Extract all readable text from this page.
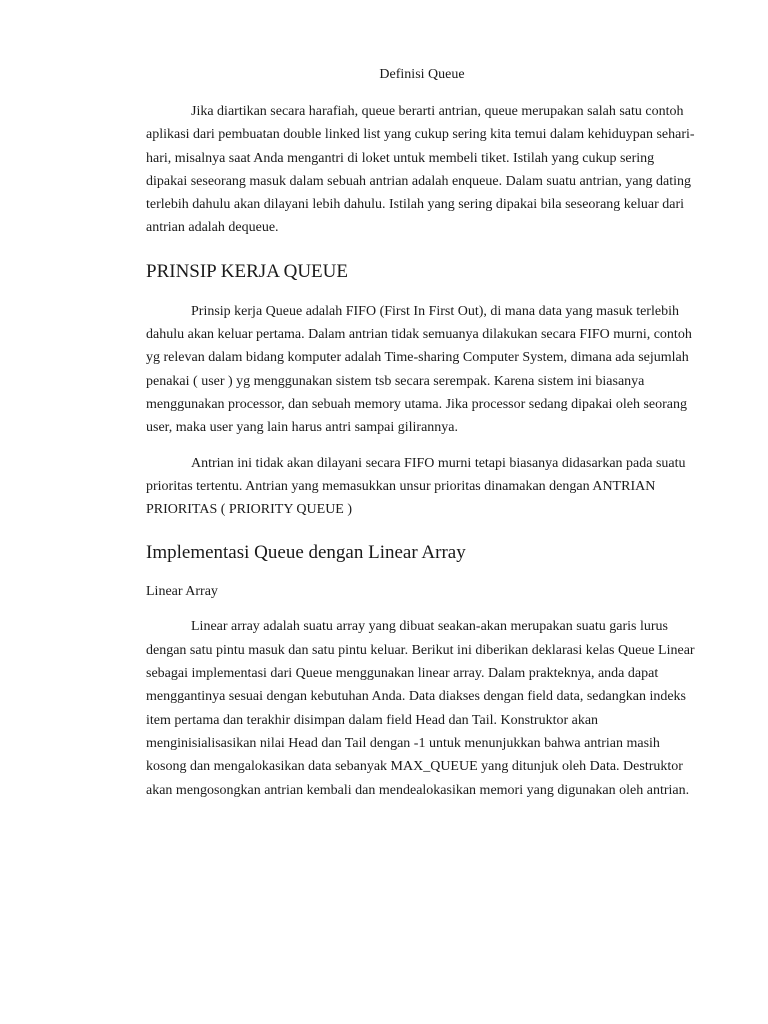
Definisi Queue

Jika diartikan secara harafiah, queue berarti antrian, queue merupakan salah satu contoh aplikasi dari pembuatan double linked list yang cukup sering kita temui dalam kehiduypan sehari-hari, misalnya saat Anda mengantri di loket untuk membeli tiket. Istilah yang cukup sering dipakai seseorang masuk dalam sebuah antrian adalah enqueue. Dalam suatu antrian, yang dating terlebih dahulu akan dilayani lebih dahulu. Istilah yang sering dipakai bila seseorang keluar dari antrian adalah dequeue.

PRINSIP KERJA QUEUE

Prinsip kerja Queue adalah FIFO (First In First Out), di mana data yang masuk terlebih dahulu akan keluar pertama. Dalam antrian tidak semuanya dilakukan secara FIFO murni, contoh yg relevan dalam bidang komputer adalah Time-sharing Computer System, dimana ada sejumlah penakai ( user ) yg menggunakan sistem tsb secara serempak. Karena sistem ini biasanya menggunakan processor, dan sebuah memory utama. Jika processor sedang dipakai oleh seorang user, maka user yang lain harus antri sampai gilirannya.

Antrian ini tidak akan dilayani secara FIFO murni tetapi biasanya didasarkan pada suatu prioritas tertentu. Antrian yang memasukkan unsur prioritas dinamakan dengan ANTRIAN PRIORITAS ( PRIORITY QUEUE )

Implementasi Queue dengan Linear Array
Linear Array

Linear array adalah suatu array yang dibuat seakan-akan merupakan suatu garis lurus dengan satu pintu masuk dan satu pintu keluar. Berikut ini diberikan deklarasi kelas Queue Linear sebagai implementasi dari Queue menggunakan linear array. Dalam prakteknya, anda dapat menggantinya sesuai dengan kebutuhan Anda. Data diakses dengan field data, sedangkan indeks item pertama dan terakhir disimpan dalam field Head dan Tail. Konstruktor akan menginisialisasikan nilai Head dan Tail dengan -1 untuk menunjukkan bahwa antrian masih kosong dan mengalokasikan data sebanyak MAX_QUEUE yang ditunjuk oleh Data. Destruktor akan mengosongkan antrian kembali dan mendealokasikan memori yang digunakan oleh antrian.
